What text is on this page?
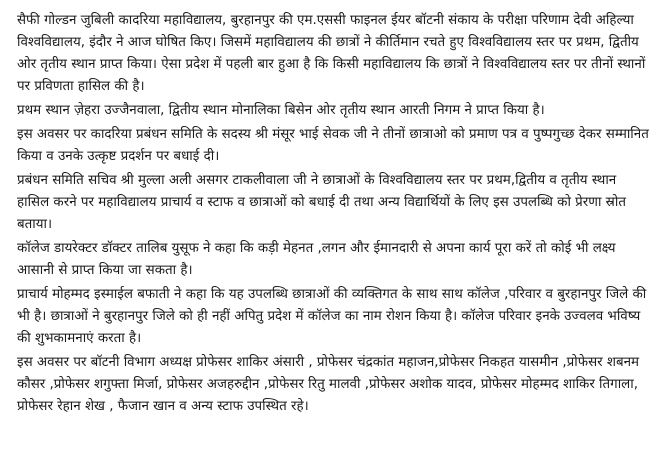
सैफी गोल्डन जुबिली कादरिया महाविद्यालय, बुरहानपुर की एम.एससी फाइनल ईयर बॉटनी संकाय के परीक्षा परिणाम देवी अहिल्या विश्वविद्यालय, इंदौर ने आज घोषित किए। जिसमें महाविद्यालय की छात्रों ने कीर्तिमान रचते हुए विश्वविद्यालय स्तर पर प्रथम, द्वितीय ओर तृतीय स्थान प्राप्त किया। ऐसा प्रदेश में पहली बार हुआ है कि किसी महाविद्यालय कि छात्रों ने विश्वविद्यालय स्तर पर तीनों स्थानों पर प्रविणता हासिल की है।

प्रथम स्थान ज़ेहरा उज्जैनवाला, द्वितीय स्थान मोनालिका बिसेन ओर तृतीय स्थान आरती निगम ने प्राप्त किया है।

इस अवसर पर कादरिया प्रबंधन समिति के सदस्य श्री मंसूर भाई सेवक जी ने तीनों छात्राओ को प्रमाण पत्र व पुष्पगुच्छ देकर सम्मानित किया व उनके उत्कृष्ट प्रदर्शन पर बधाई दी।

प्रबंधन समिति सचिव श्री मुल्ला अली असगर टाकलीवाला जी ने छात्राओं के विश्वविद्यालय स्तर पर प्रथम,द्वितीय व तृतीय स्थान हासिल करने पर महाविद्यालय प्राचार्य व स्टाफ व छात्राओं को बधाई दी तथा अन्य विद्यार्थियों के लिए इस उपलब्धि को प्रेरणा स्रोत बताया।

कॉलेज डायरेक्टर डॉक्टर तालिब युसूफ ने कहा कि कड़ी मेहनत ,लगन और ईमानदारी से अपना कार्य पूरा करें तो कोई भी लक्ष्य आसानी से प्राप्त किया जा सकता है।

प्राचार्य मोहम्मद इस्माईल बफाती ने कहा कि यह उपलब्धि छात्राओं की व्यक्तिगत के साथ साथ कॉलेज ,परिवार व बुरहानपुर जिले की भी है। छात्राओं ने बुरहानपुर जिले को ही नहीं अपितु प्रदेश में कॉलेज का नाम रोशन किया है। कॉलेज परिवार इनके उज्वलव भविष्य की शुभकामनाएं करता है।

इस अवसर पर बॉटनी विभाग अध्यक्ष प्रोफेसर शाकिर अंसारी , प्रोफेसर चंद्रकांत महाजन,प्रोफेसर निकहत यासमीन ,प्रोफेसर शबनम कौसर ,प्रोफेसर शगुफ्ता मिर्जा, प्रोफेसर अजहरुद्दीन ,प्रोफेसर रितु मालवी ,प्रोफेसर अशोक यादव, प्रोफेसर मोहम्मद शाकिर तिगाला, प्रोफेसर रेहान शेख , फैजान खान व अन्य स्टाफ उपस्थित रहे।
